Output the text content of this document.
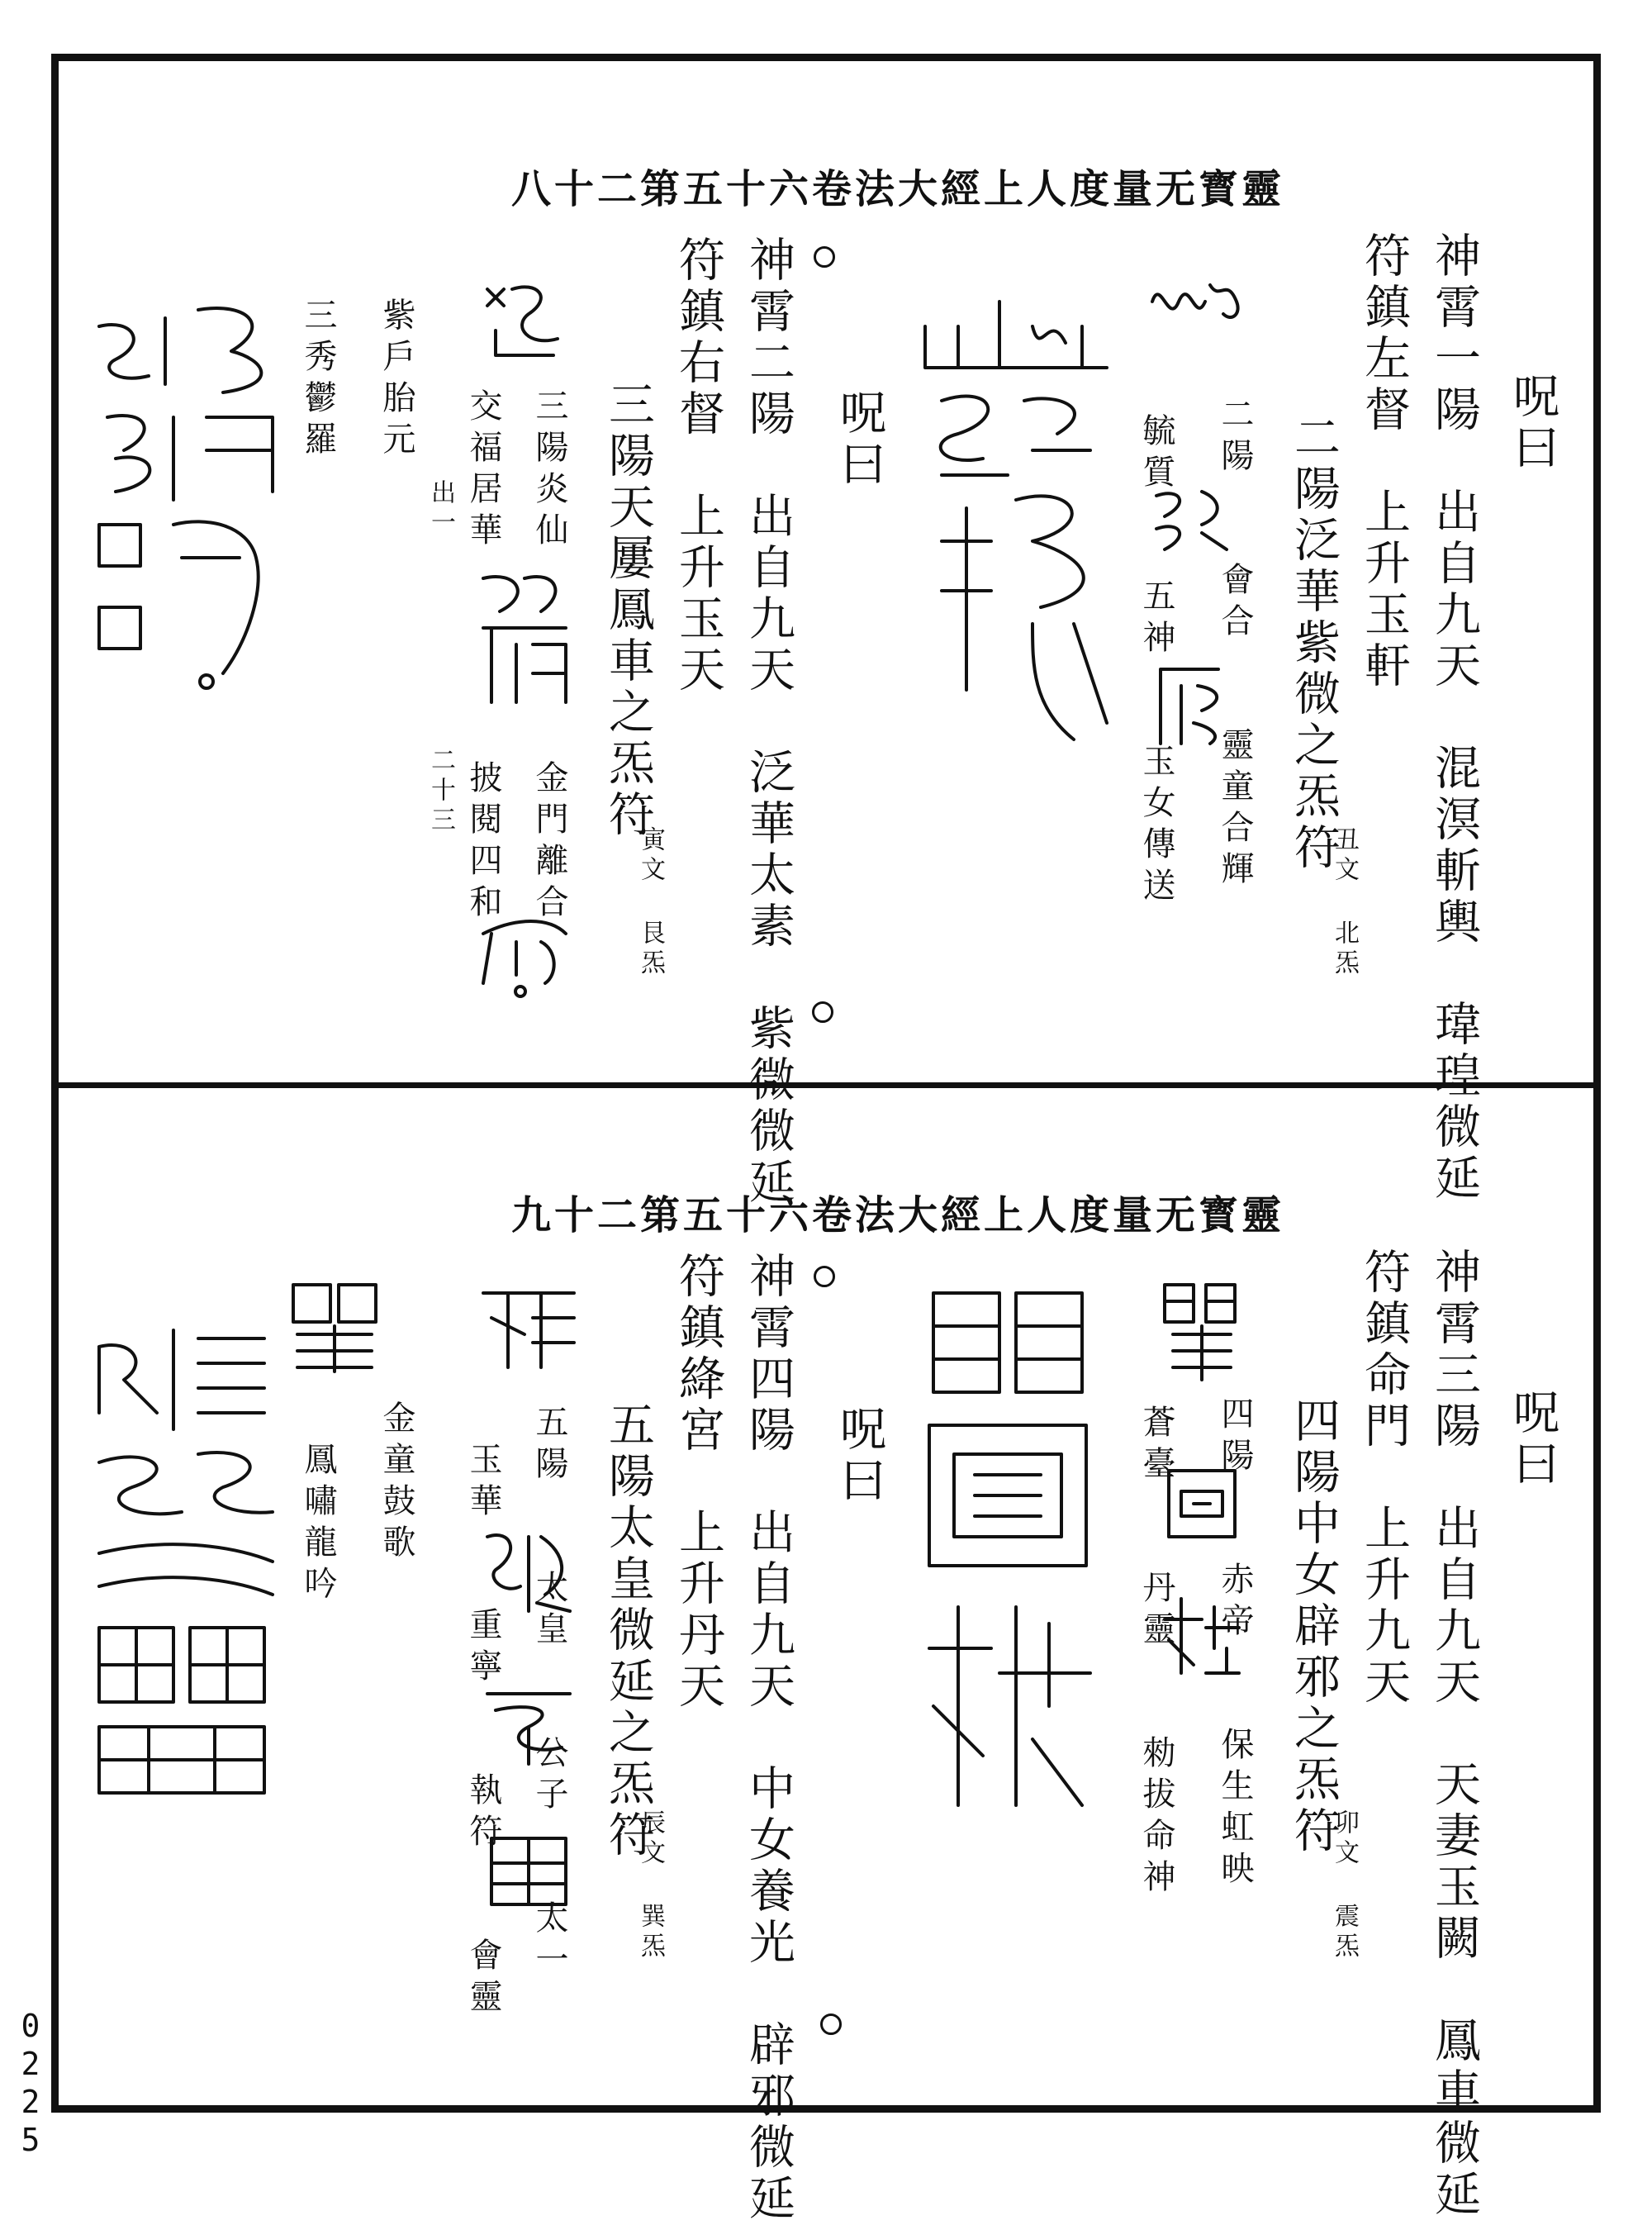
0225
靈寳无量度人上經大法卷六十五第二十八
呪曰
神霄一陽　出自九天　混溟斬輿　瑋瑝微延
符鎮左督　上升玉軒
二陽泛華紫微之炁符
丑文 北炁
二陽　　會合　　靈童合輝
毓質　　五神　　玉女傳送
呪曰
神霄二陽　出自九天　泛華太素　紫微微延
符鎮右督　上升玉天
三陽天屢鳳車之炁符
寅文 艮炁
三陽炎仙　　　　　金門離合
交福居華　　　　　披閱四和
出一　　　　　　　二十三
紫戶胎元
三秀鬱羅
靈寳无量度人上經大法卷六十五第二十九
呪曰
神霄三陽　出自九天　天妻玉闕　鳳車微延
符鎮命門　上升九天
四陽中女辟邪之炁符
卯文 震炁
四陽　　赤帝　　保生虹映
蒼臺　　丹靈　　勑拔命神
呪曰
神霄四陽　出自九天　中女養光　辟邪微延
符鎮絳宮　上升丹天
五陽太皇微延之炁符
辰文 巽炁
五陽　　太皇　　公子　　太一
玉華　　重寧　　執符　　會靈
金童鼓歌
鳳嘯龍吟
